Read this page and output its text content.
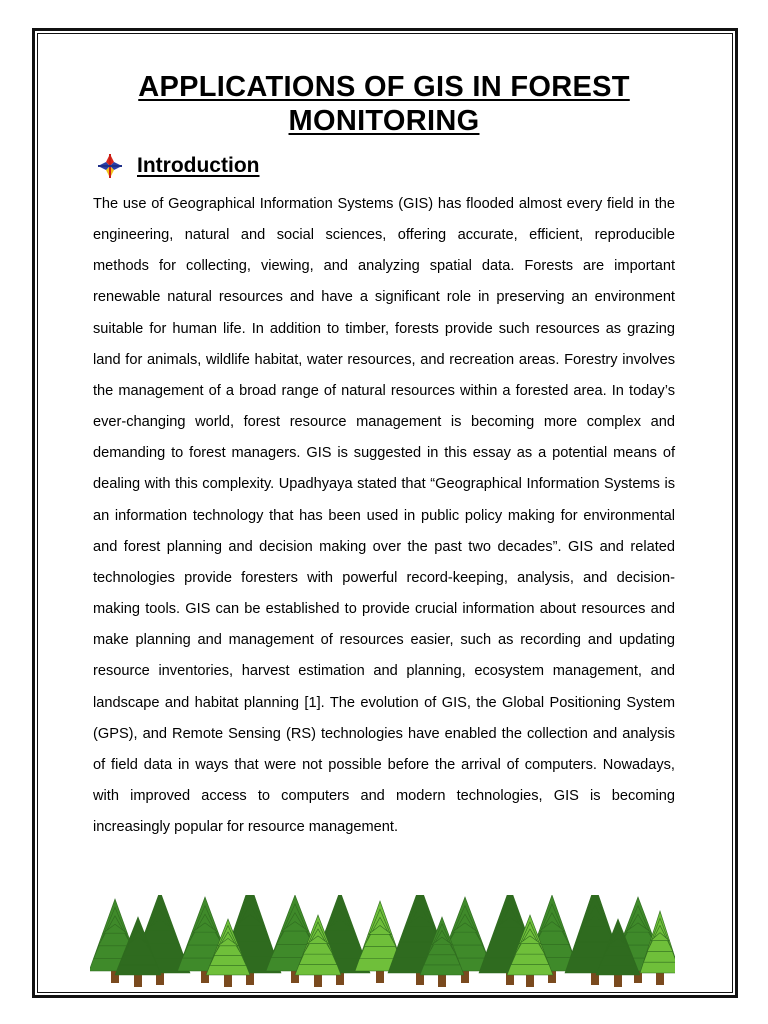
APPLICATIONS OF GIS IN FOREST MONITORING
Introduction

The use of Geographical Information Systems (GIS) has flooded almost every field in the engineering, natural and social sciences, offering accurate, efficient, reproducible methods for collecting, viewing, and analyzing spatial data. Forests are important renewable natural resources and have a significant role in preserving an environment suitable for human life. In addition to timber, forests provide such resources as grazing land for animals, wildlife habitat, water resources, and recreation areas. Forestry involves the management of a broad range of natural resources within a forested area. In today’s ever-changing world, forest resource management is becoming more complex and demanding to forest managers. GIS is suggested in this essay as a potential means of dealing with this complexity. Upadhyaya stated that “Geographical Information Systems is an information technology that has been used in public policy making for environmental and forest planning and decision making over the past two decades”. GIS and related technologies provide foresters with powerful record-keeping, analysis, and decision-making tools. GIS can be established to provide crucial information about resources and make planning and management of resources easier, such as recording and updating resource inventories, harvest estimation and planning, ecosystem management, and landscape and habitat planning [1]. The evolution of GIS, the Global Positioning System (GPS), and Remote Sensing (RS) technologies have enabled the collection and analysis of field data in ways that were not possible before the arrival of computers. Nowadays, with improved access to computers and modern technologies, GIS is becoming increasingly popular for resource management.
